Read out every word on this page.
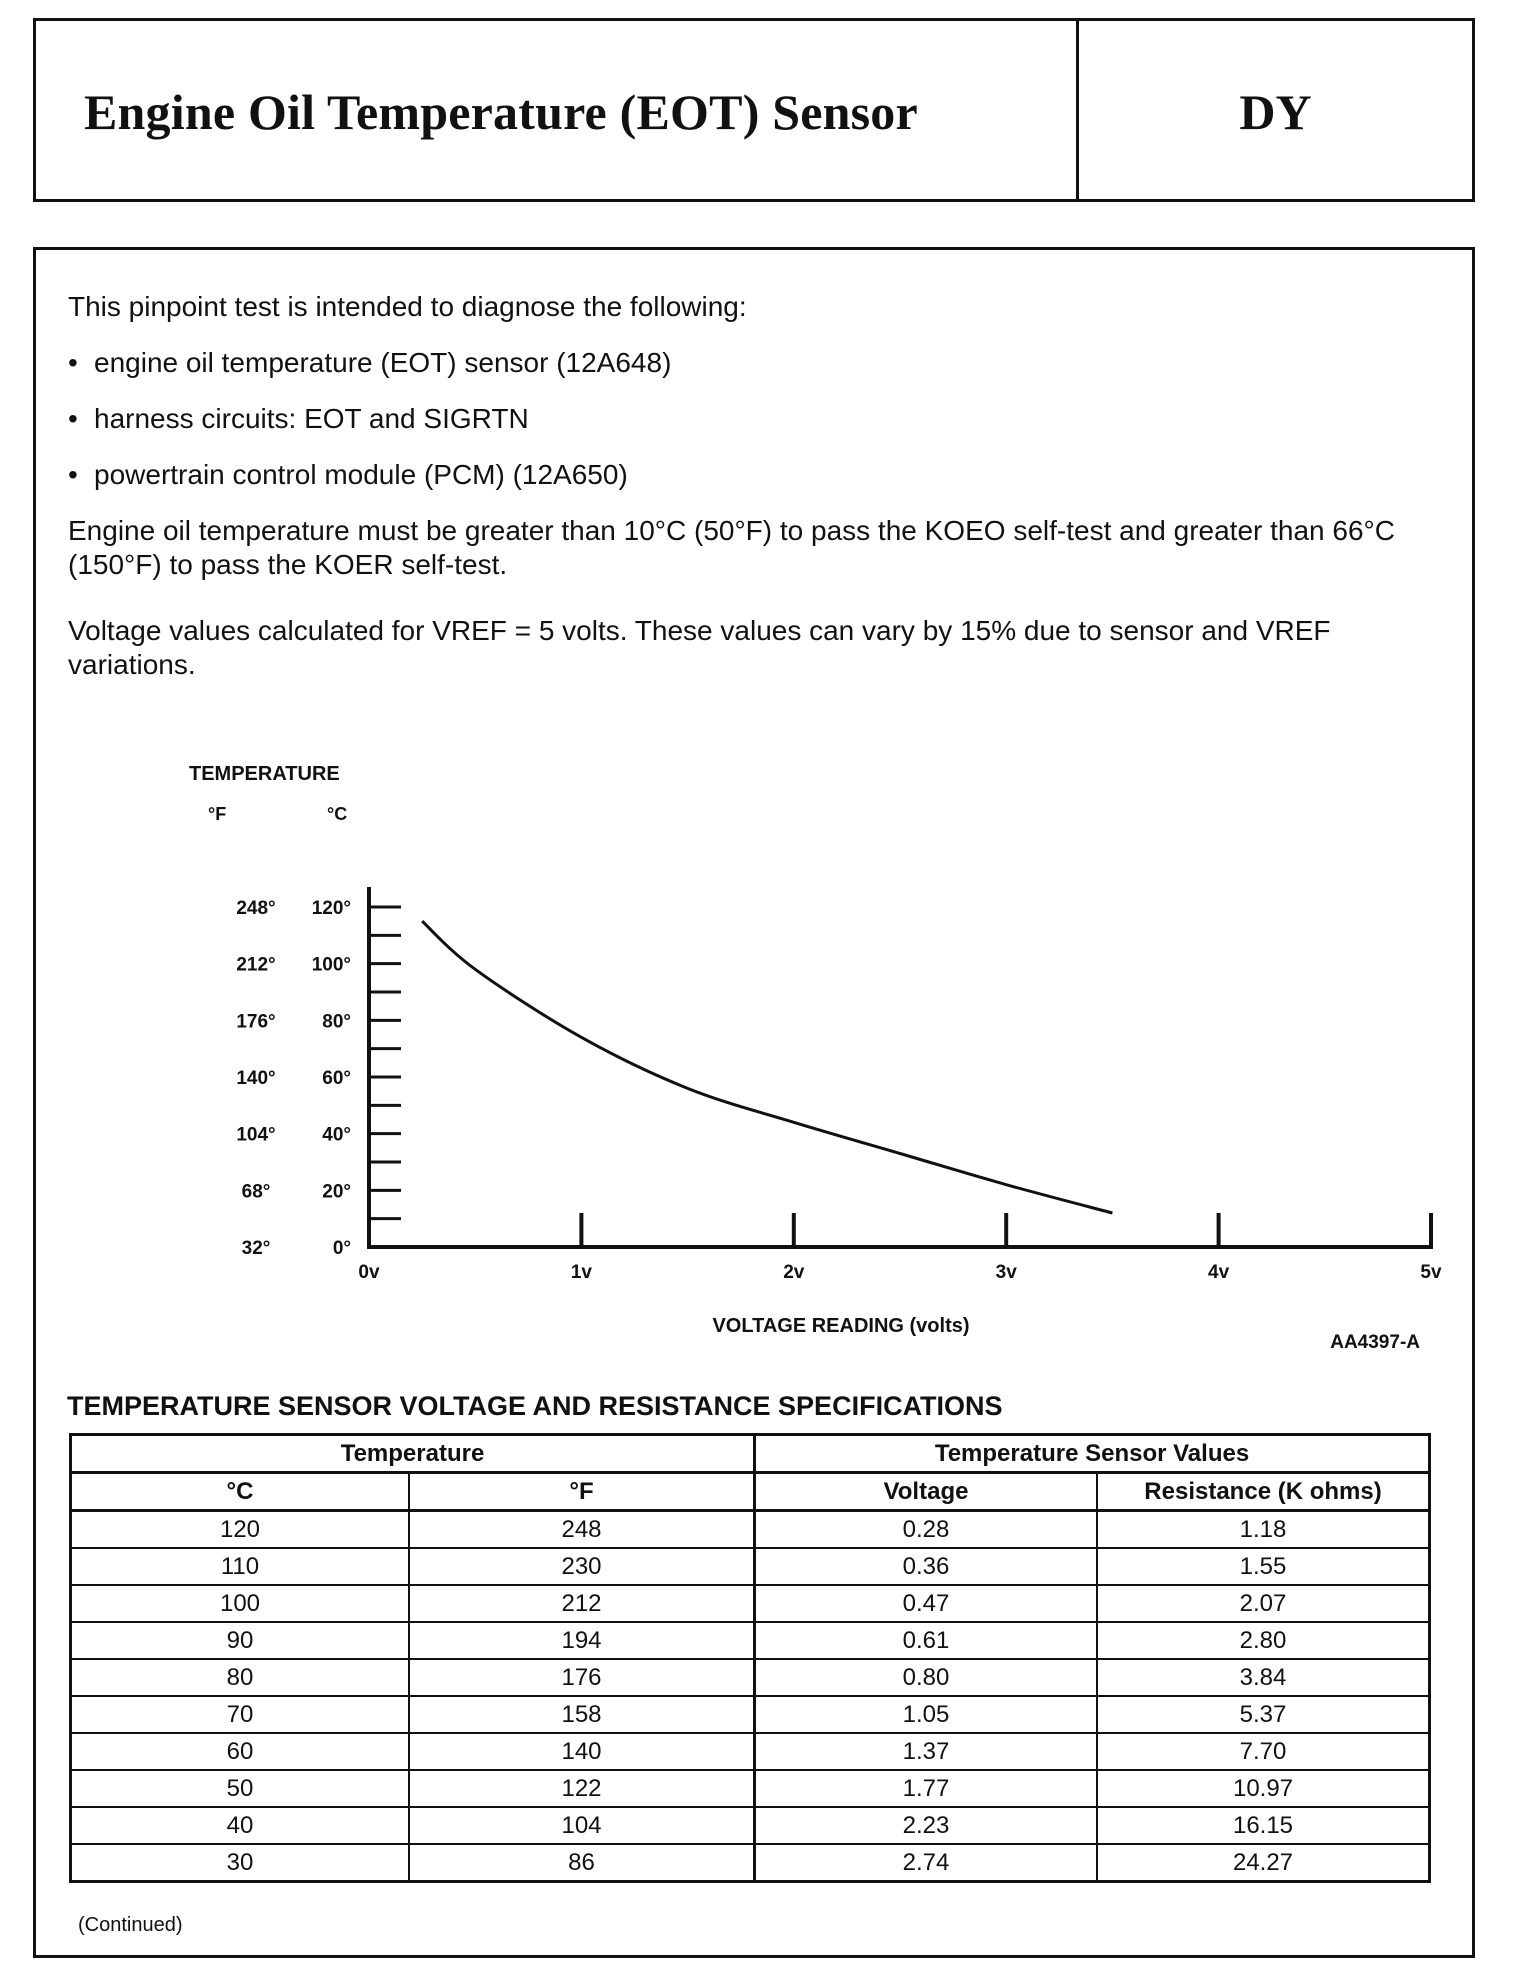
Engine Oil Temperature (EOT) Sensor	DY

This pinpoint test is intended to diagnose the following:

• engine oil temperature (EOT) sensor (12A648)
• harness circuits: EOT and SIGRTN
• powertrain control module (PCM) (12A650)

Engine oil temperature must be greater than 10°C (50°F) to pass the KOEO self-test and greater than 66°C (150°F) to pass the KOER self-test.

Voltage values calculated for VREF = 5 volts. These values can vary by 15% due to sensor and VREF variations.

TEMPERATURE
°F	°C
248°
212°
176°
140°
104°
68°
32°
120°
100°
80°
60°
40°
20°
0°
0v	1v	2v	3v	4v	5v
VOLTAGE READING (volts)
AA4397-A
TEMPERATURE SENSOR VOLTAGE AND RESISTANCE SPECIFICATIONS
Temperature		Temperature Sensor Values	
°C	°F	Voltage	Resistance (K ohms)
120	248	0.28	1.18
110	230	0.36	1.55
100	212	0.47	2.07
90	194	0.61	2.80
80	176	0.80	3.84
70	158	1.05	5.37
60	140	1.37	7.70
50	122	1.77	10.97
40	104	2.23	16.15
30	86	2.74	24.27
(Continued)
